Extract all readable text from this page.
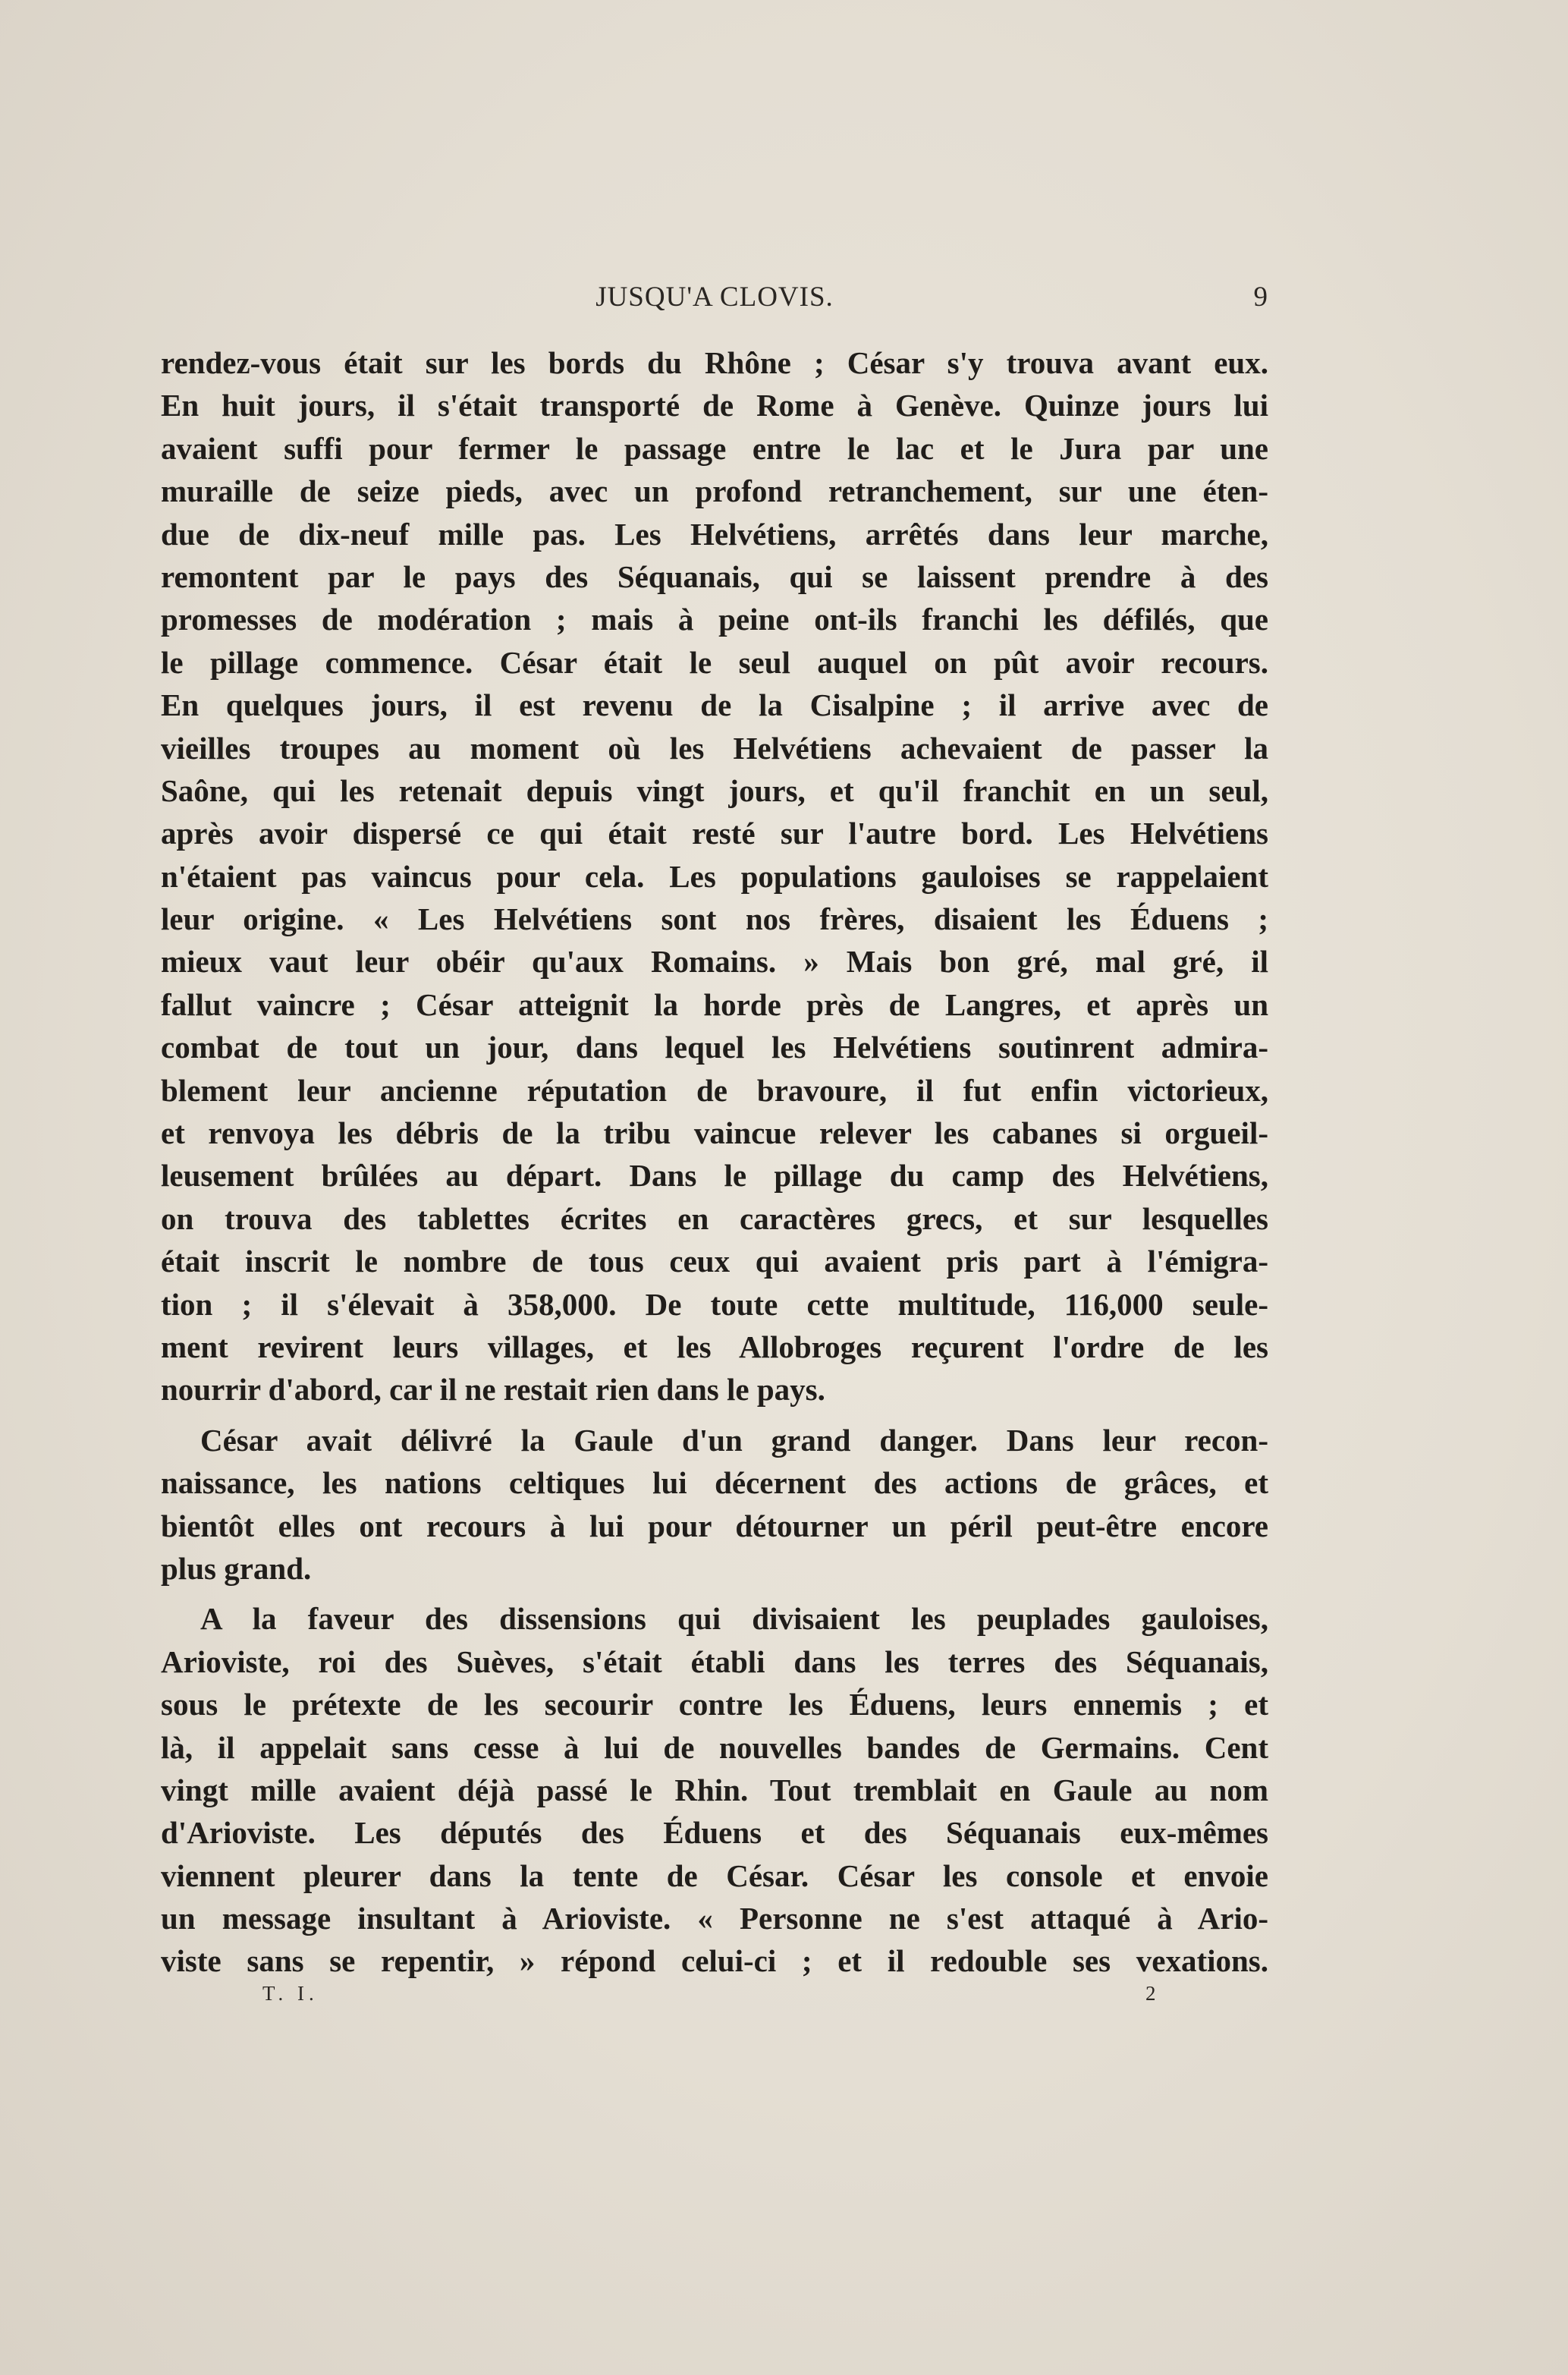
JUSQU'A CLOVIS.	9
rendez-vous était sur les bords du Rhône ; César s'y trouva avant eux.
En huit jours, il s'était transporté de Rome à Genève. Quinze jours lui
avaient suffi pour fermer le passage entre le lac et le Jura par une
muraille de seize pieds, avec un profond retranchement, sur une éten-
due de dix-neuf mille pas. Les Helvétiens, arrêtés dans leur marche,
remontent par le pays des Séquanais, qui se laissent prendre à des
promesses de modération ; mais à peine ont-ils franchi les défilés, que
le pillage commence. César était le seul auquel on pût avoir recours.
En quelques jours, il est revenu de la Cisalpine ; il arrive avec de
vieilles troupes au moment où les Helvétiens achevaient de passer la
Saône, qui les retenait depuis vingt jours, et qu'il franchit en un seul,
après avoir dispersé ce qui était resté sur l'autre bord. Les Helvétiens
n'étaient pas vaincus pour cela. Les populations gauloises se rappelaient
leur origine. « Les Helvétiens sont nos frères, disaient les Éduens ;
mieux vaut leur obéir qu'aux Romains. » Mais bon gré, mal gré, il
fallut vaincre ; César atteignit la horde près de Langres, et après un
combat de tout un jour, dans lequel les Helvétiens soutinrent admira-
blement leur ancienne réputation de bravoure, il fut enfin victorieux,
et renvoya les débris de la tribu vaincue relever les cabanes si orgueil-
leusement brûlées au départ. Dans le pillage du camp des Helvétiens,
on trouva des tablettes écrites en caractères grecs, et sur lesquelles
était inscrit le nombre de tous ceux qui avaient pris part à l'émigra-
tion ; il s'élevait à 358,000. De toute cette multitude, 116,000 seule-
ment revirent leurs villages, et les Allobroges reçurent l'ordre de les
nourrir d'abord, car il ne restait rien dans le pays.
César avait délivré la Gaule d'un grand danger. Dans leur recon-
naissance, les nations celtiques lui décernent des actions de grâces, et
bientôt elles ont recours à lui pour détourner un péril peut-être encore
plus grand.
A la faveur des dissensions qui divisaient les peuplades gauloises,
Arioviste, roi des Suèves, s'était établi dans les terres des Séquanais,
sous le prétexte de les secourir contre les Éduens, leurs ennemis ; et
là, il appelait sans cesse à lui de nouvelles bandes de Germains. Cent
vingt mille avaient déjà passé le Rhin. Tout tremblait en Gaule au nom
d'Arioviste. Les députés des Éduens et des Séquanais eux-mêmes
viennent pleurer dans la tente de César. César les console et envoie
un message insultant à Arioviste. « Personne ne s'est attaqué à Ario-
viste sans se repentir, » répond celui-ci ; et il redouble ses vexations.
T. I.	2
